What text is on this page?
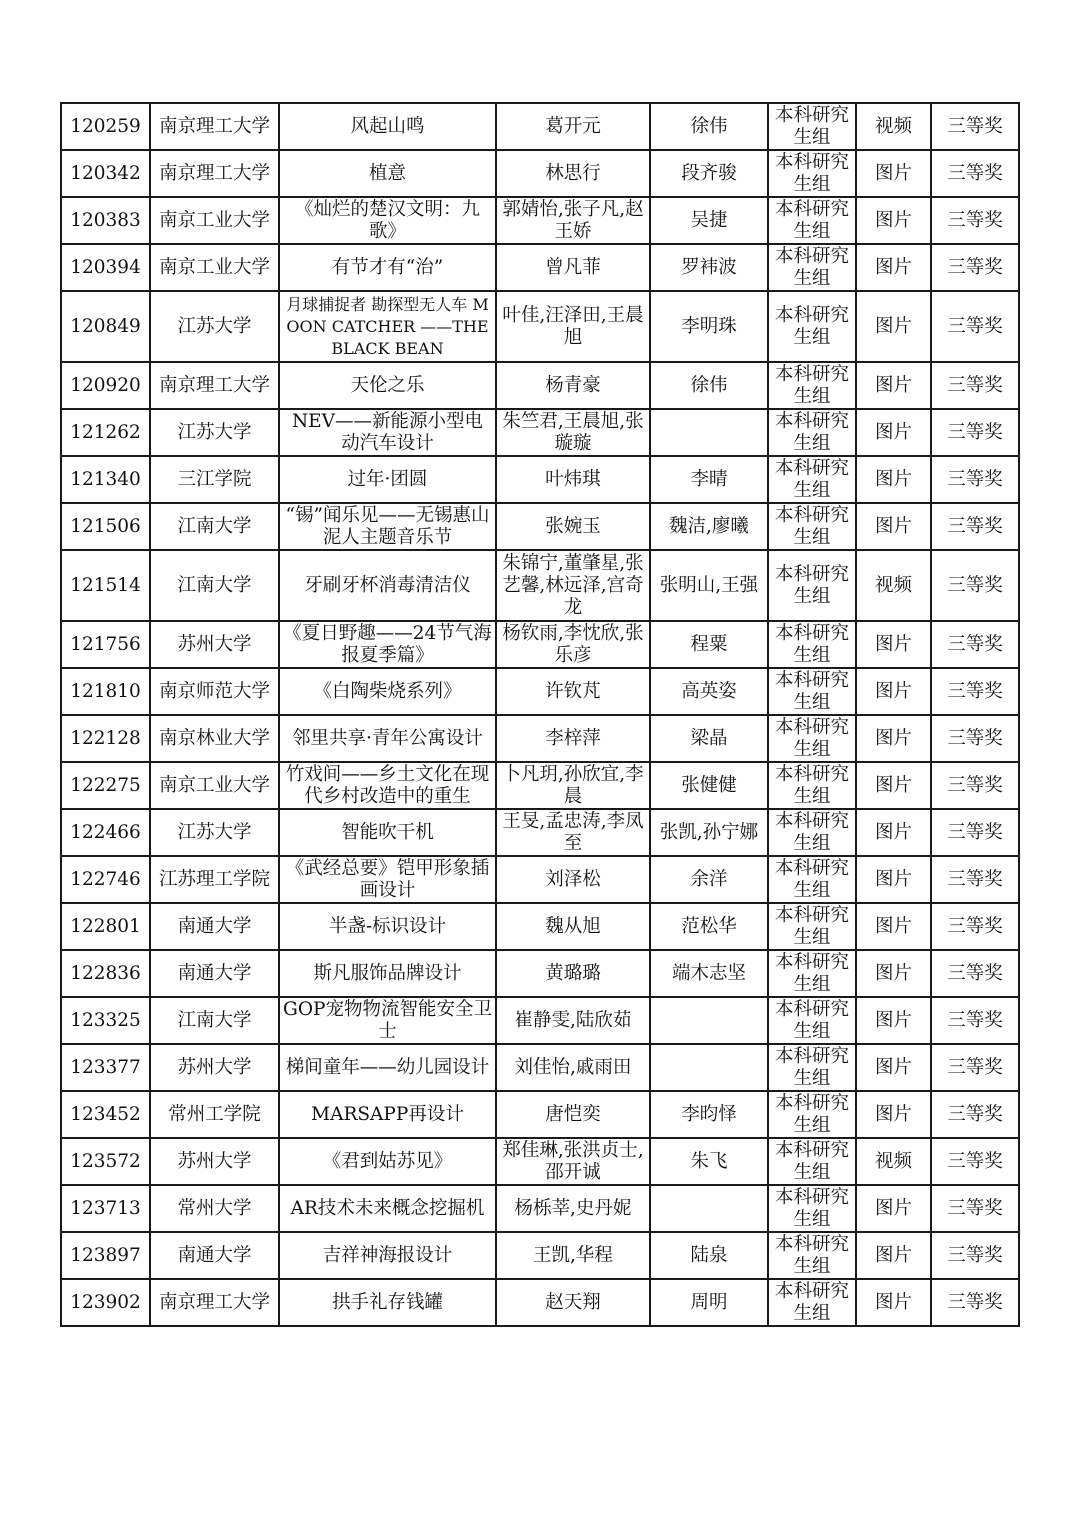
120259	南京理工大学	风起山鸣	葛开元	徐伟	本科研究生组	视频	三等奖
120342	南京理工大学	植意	林思行	段齐骏	本科研究生组	图片	三等奖
120383	南京工业大学	《灿烂的楚汉文明：九歌》	郭婧怡,张子凡,赵王娇	吴捷	本科研究生组	图片	三等奖
120394	南京工业大学	有节才有“治”	曾凡菲	罗袆波	本科研究生组	图片	三等奖
120849	江苏大学	月球捕捉者 勘探型无人车 MOON CATCHER ——THE BLACK BEAN	叶佳,汪泽田,王晨旭	李明珠	本科研究生组	图片	三等奖
120920	南京理工大学	天伦之乐	杨青豪	徐伟	本科研究生组	图片	三等奖
121262	江苏大学	NEV——新能源小型电动汽车设计	朱竺君,王晨旭,张璇璇		本科研究生组	图片	三等奖
121340	三江学院	过年·团圆	叶炜琪	李晴	本科研究生组	图片	三等奖
121506	江南大学	“锡”闻乐见——无锡惠山泥人主题音乐节	张婉玉	魏洁,廖曦	本科研究生组	图片	三等奖
121514	江南大学	牙刷牙杯消毒清洁仪	朱锦宁,董肇星,张艺馨,林远泽,宫奇龙	张明山,王强	本科研究生组	视频	三等奖
121756	苏州大学	《夏日野趣——24节气海报夏季篇》	杨钦雨,李忱欣,张乐彦	程粟	本科研究生组	图片	三等奖
121810	南京师范大学	《白陶柴烧系列》	许钦芃	高英姿	本科研究生组	图片	三等奖
122128	南京林业大学	邻里共享·青年公寓设计	李梓萍	梁晶	本科研究生组	图片	三等奖
122275	南京工业大学	竹戏间——乡土文化在现代乡村改造中的重生	卜凡玥,孙欣宜,李晨	张健健	本科研究生组	图片	三等奖
122466	江苏大学	智能吹干机	王旻,孟忠涛,李凤至	张凯,孙宁娜	本科研究生组	图片	三等奖
122746	江苏理工学院	《武经总要》铠甲形象插画设计	刘泽松	余洋	本科研究生组	图片	三等奖
122801	南通大学	半盏-标识设计	魏从旭	范松华	本科研究生组	图片	三等奖
122836	南通大学	斯凡服饰品牌设计	黄璐璐	端木志坚	本科研究生组	图片	三等奖
123325	江南大学	GOP宠物物流智能安全卫士	崔静雯,陆欣茹		本科研究生组	图片	三等奖
123377	苏州大学	梯间童年——幼儿园设计	刘佳怡,戚雨田		本科研究生组	图片	三等奖
123452	常州工学院	MARSAPP再设计	唐恺奕	李昀怿	本科研究生组	图片	三等奖
123572	苏州大学	《君到姑苏见》	郑佳琳,张洪贞士,邵开诚	朱飞	本科研究生组	视频	三等奖
123713	常州大学	AR技术未来概念挖掘机	杨栎莘,史丹妮		本科研究生组	图片	三等奖
123897	南通大学	吉祥神海报设计	王凯,华程	陆泉	本科研究生组	图片	三等奖
123902	南京理工大学	拱手礼存钱罐	赵天翔	周明	本科研究生组	图片	三等奖
